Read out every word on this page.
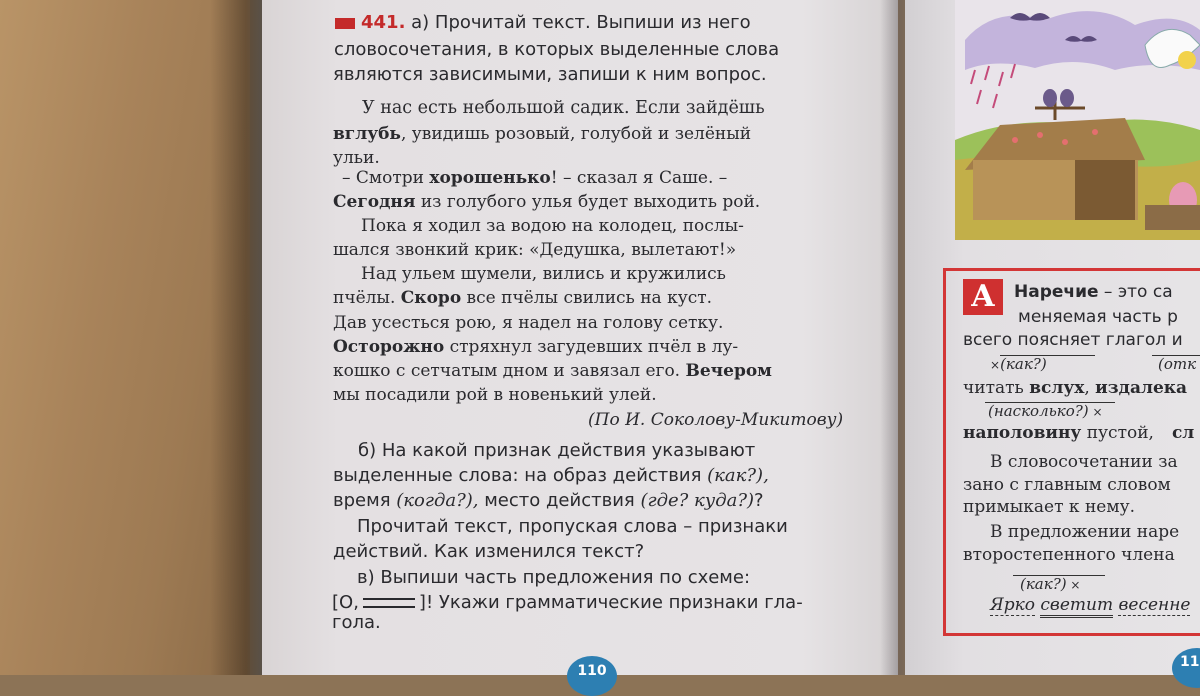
441. а) Прочитай текст. Выпиши из него
словосочетания, в которых выделенные слова
являются зависимыми, запиши к ним вопрос.
У нас есть небольшой садик. Если зайдёшь
вглубь, увидишь розовый, голубой и зелёный
ульи.
– Смотри хорошенько! – сказал я Саше. –
Сегодня из голубого улья будет выходить рой.
Пока я ходил за водою на колодец, послы-
шался звонкий крик: «Дедушка, вылетают!»
Над ульем шумели, вились и кружились
пчёлы. Скоро все пчёлы свились на куст.
Дав усесться рою, я надел на голову сетку.
Осторожно стряхнул загудевших пчёл в лу-
кошко с сетчатым дном и завязал его. Вечером
мы посадили рой в новенький улей.
(По И. Соколову-Микитову)
б) На какой признак действия указывают
выделенные слова: на образ действия (как?),
время (когда?), место действия (где? куда?)?
Прочитай текст, пропуская слова – признаки
действий. Как изменился текст?
в) Выпиши часть предложения по схеме:
[О,	]! Укажи грамматические признаки гла-
гола.
110
А	Наречие – это са
меняемая часть р
всего поясняет глагол и
×(как?)	(отк
читать вслух, издалека
(насколько?) ×
наполовину пустой, сл
В словосочетании за
зано с главным словом
примыкает к нему.
В предложении наре
второстепенного члена
(как?) ×
Ярко светит весенне
11
